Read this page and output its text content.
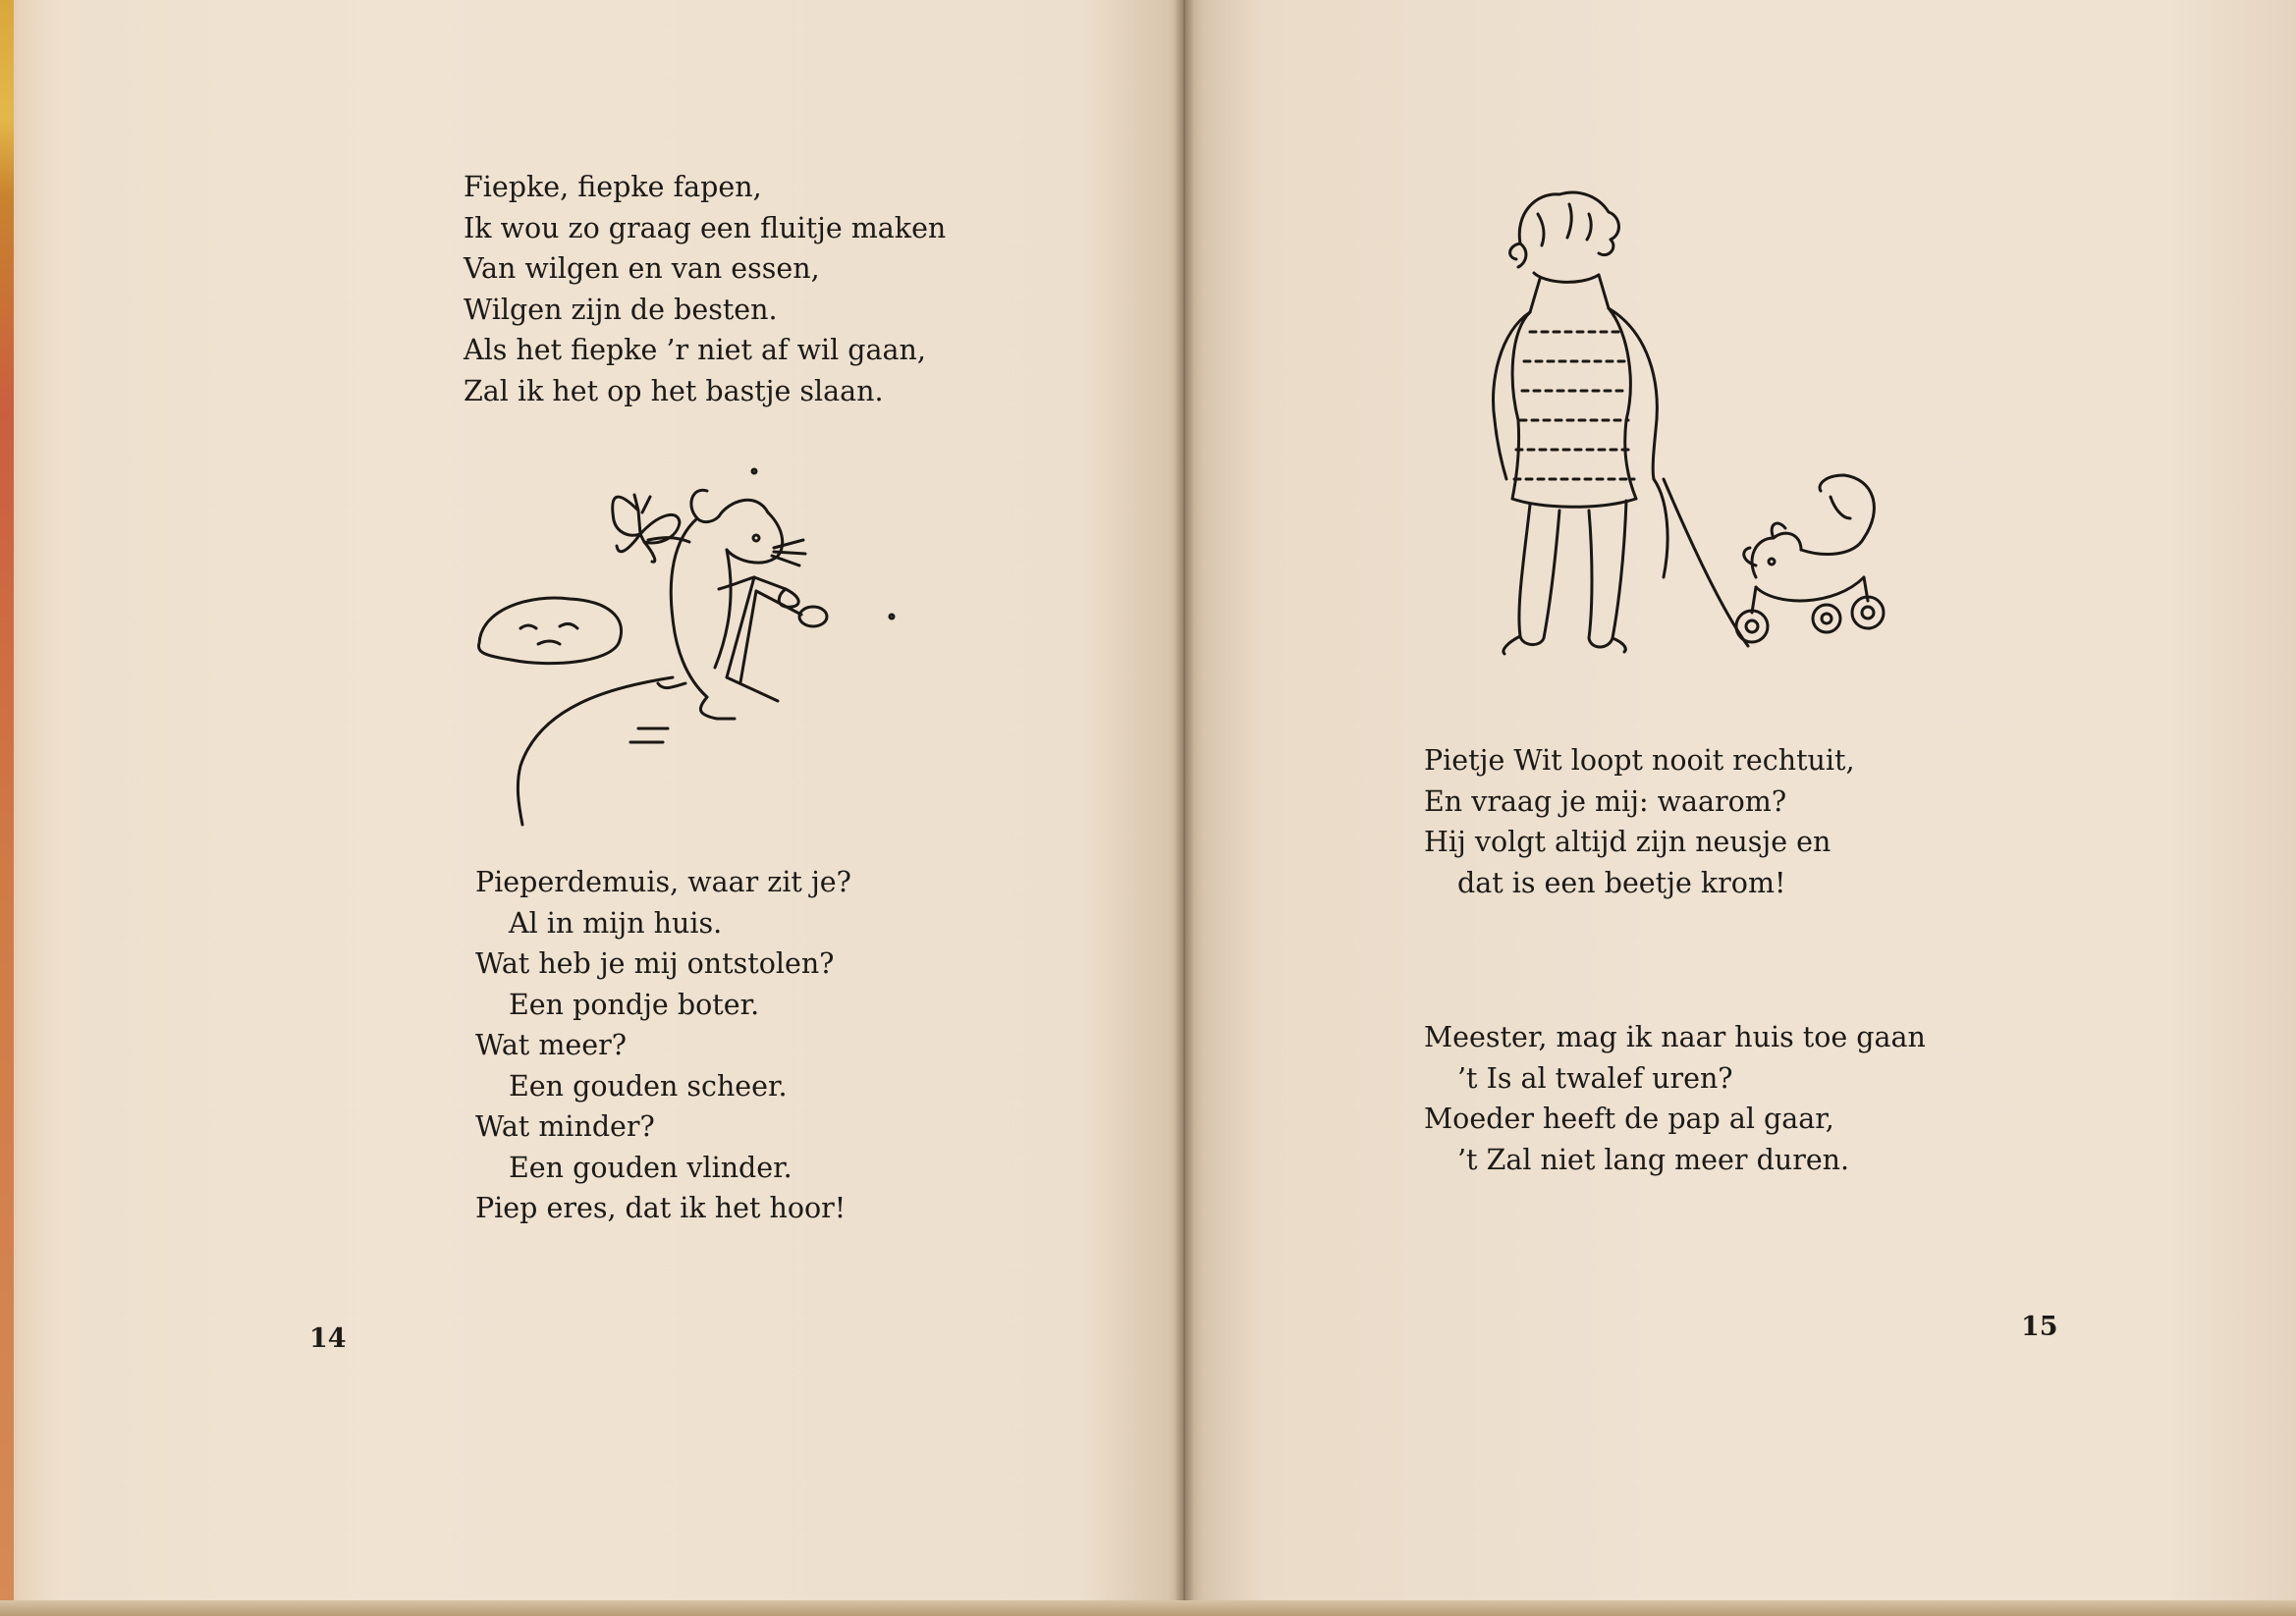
Fiepke, fiepke fapen,
Ik wou zo graag een fluitje maken
Van wilgen en van essen,
Wilgen zijn de besten.
Als het fiepke ’r niet af wil gaan,
Zal ik het op het bastje slaan.
Pieperdemuis, waar zit je?
Al in mijn huis.
Wat heb je mij ontstolen?
Een pondje boter.
Wat meer?
Een gouden scheer.
Wat minder?
Een gouden vlinder.
Piep eres, dat ik het hoor!
14
Pietje Wit loopt nooit rechtuit,
En vraag je mij: waarom?
Hij volgt altijd zijn neusje en
dat is een beetje krom!
Meester, mag ik naar huis toe gaan
’t Is al twalef uren?
Moeder heeft de pap al gaar,
’t Zal niet lang meer duren.
15
